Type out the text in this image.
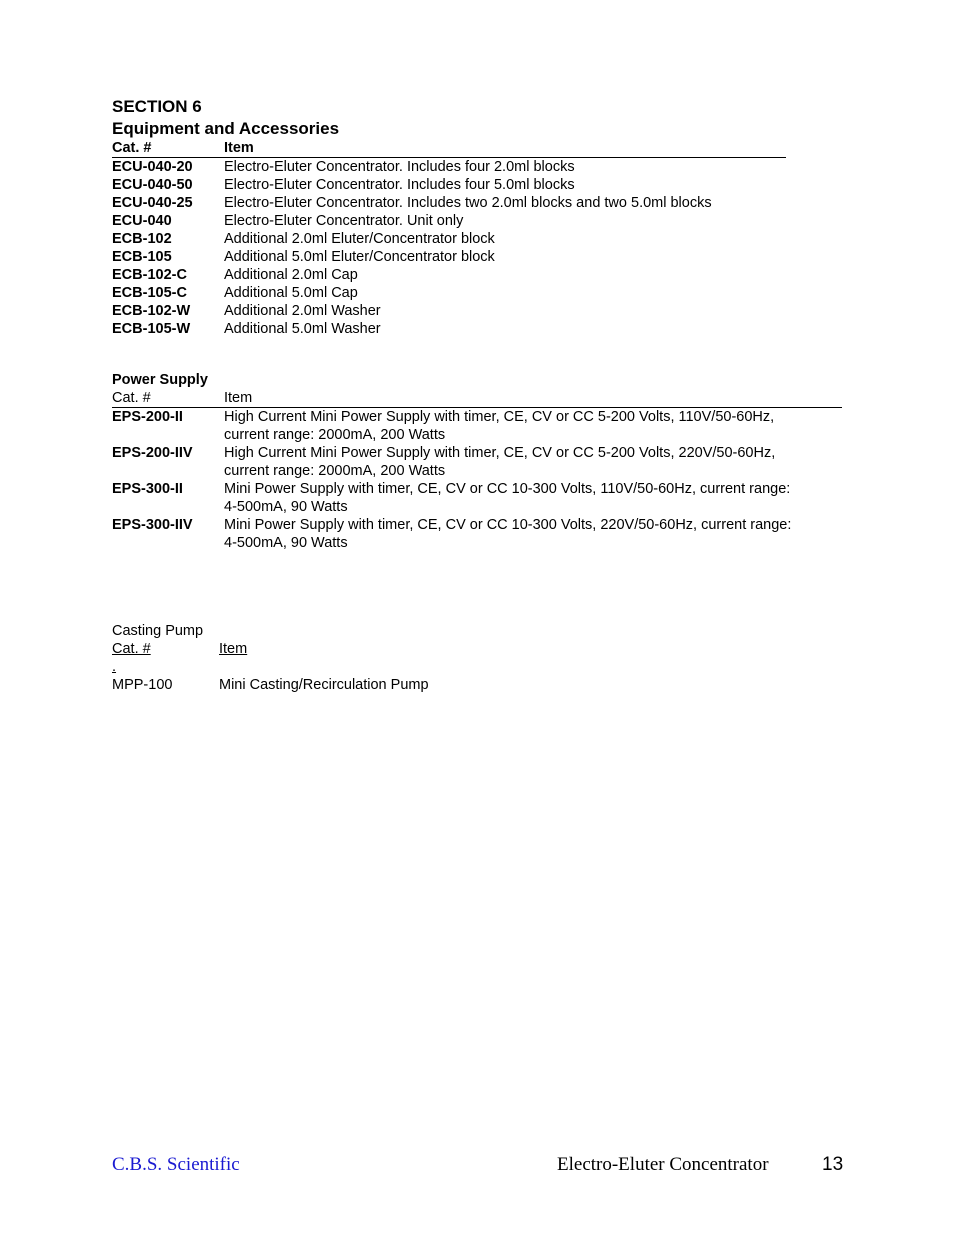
SECTION 6
Equipment and Accessories
Cat. #	Item
ECU-040-20	Electro-Eluter Concentrator. Includes four 2.0ml blocks
ECU-040-50	Electro-Eluter Concentrator. Includes four 5.0ml blocks
ECU-040-25	Electro-Eluter Concentrator. Includes two 2.0ml blocks and two 5.0ml blocks
ECU-040	Electro-Eluter Concentrator. Unit only
ECB-102	Additional 2.0ml Eluter/Concentrator block
ECB-105	Additional 5.0ml Eluter/Concentrator block
ECB-102-C	Additional 2.0ml Cap
ECB-105-C	Additional 5.0ml Cap
ECB-102-W	Additional 2.0ml Washer
ECB-105-W	Additional 5.0ml Washer
Power Supply
Cat. #	Item
EPS-200-II	High Current Mini Power Supply with timer, CE, CV or CC 5-200 Volts, 110V/50-60Hz,
current range: 2000mA, 200 Watts
EPS-200-IIV	High Current Mini Power Supply with timer, CE, CV or CC 5-200 Volts, 220V/50-60Hz,
current range: 2000mA, 200 Watts
EPS-300-II	Mini Power Supply with timer, CE, CV or CC 10-300 Volts, 110V/50-60Hz, current range:
4-500mA, 90 Watts
EPS-300-IIV	Mini Power Supply with timer, CE, CV or CC 10-300 Volts, 220V/50-60Hz, current range:
4-500mA, 90 Watts
Casting Pump
Cat. #	Item
.
MPP-100	Mini Casting/Recirculation Pump
C.B.S. Scientific	Electro-Eluter Concentrator	13
